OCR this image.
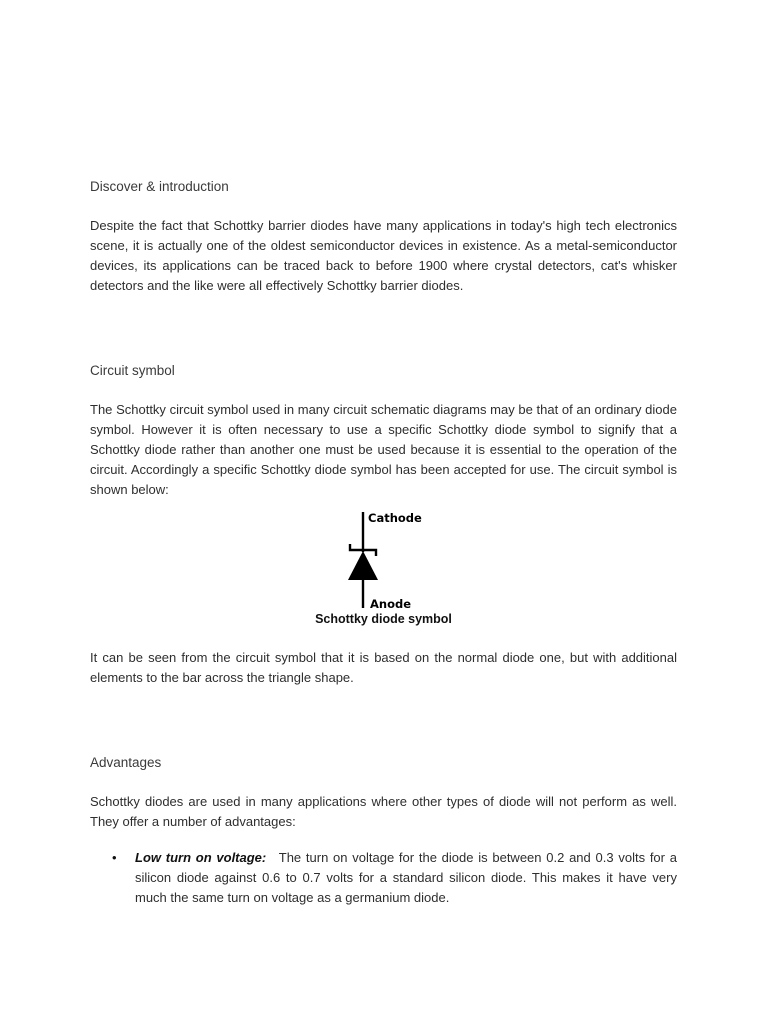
Discover & introduction

Despite the fact that Schottky barrier diodes have many applications in today's high tech electronics scene, it is actually one of the oldest semiconductor devices in existence. As a metal-semiconductor devices, its applications can be traced back to before 1900 where crystal detectors, cat's whisker detectors and the like were all effectively Schottky barrier diodes.

Circuit symbol

The Schottky circuit symbol used in many circuit schematic diagrams may be that of an ordinary diode symbol. However it is often necessary to use a specific Schottky diode symbol to signify that a Schottky diode rather than another one must be used because it is essential to the operation of the circuit. Accordingly a specific Schottky diode symbol has been accepted for use. The circuit symbol is shown below:

Cathode
Anode
Schottky diode symbol

It can be seen from the circuit symbol that it is based on the normal diode one, but with additional elements to the bar across the triangle shape.

Advantages

Schottky diodes are used in many applications where other types of diode will not perform as well. They offer a number of advantages:

• Low turn on voltage: The turn on voltage for the diode is between 0.2 and 0.3 volts for a silicon diode against 0.6 to 0.7 volts for a standard silicon diode. This makes it have very much the same turn on voltage as a germanium diode.
